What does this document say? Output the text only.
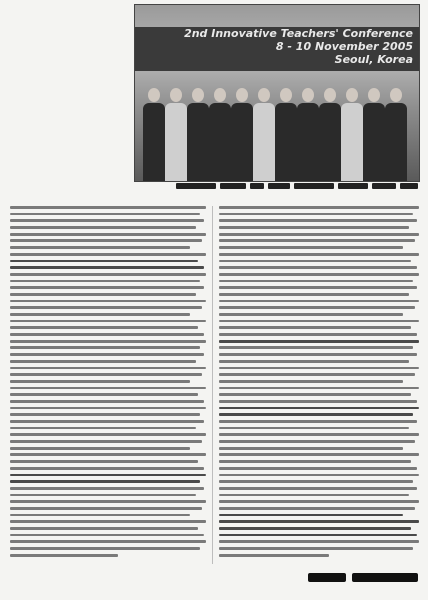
2nd Innovative Teachers' Conference
8 - 10 November 2005
Seoul, Korea
